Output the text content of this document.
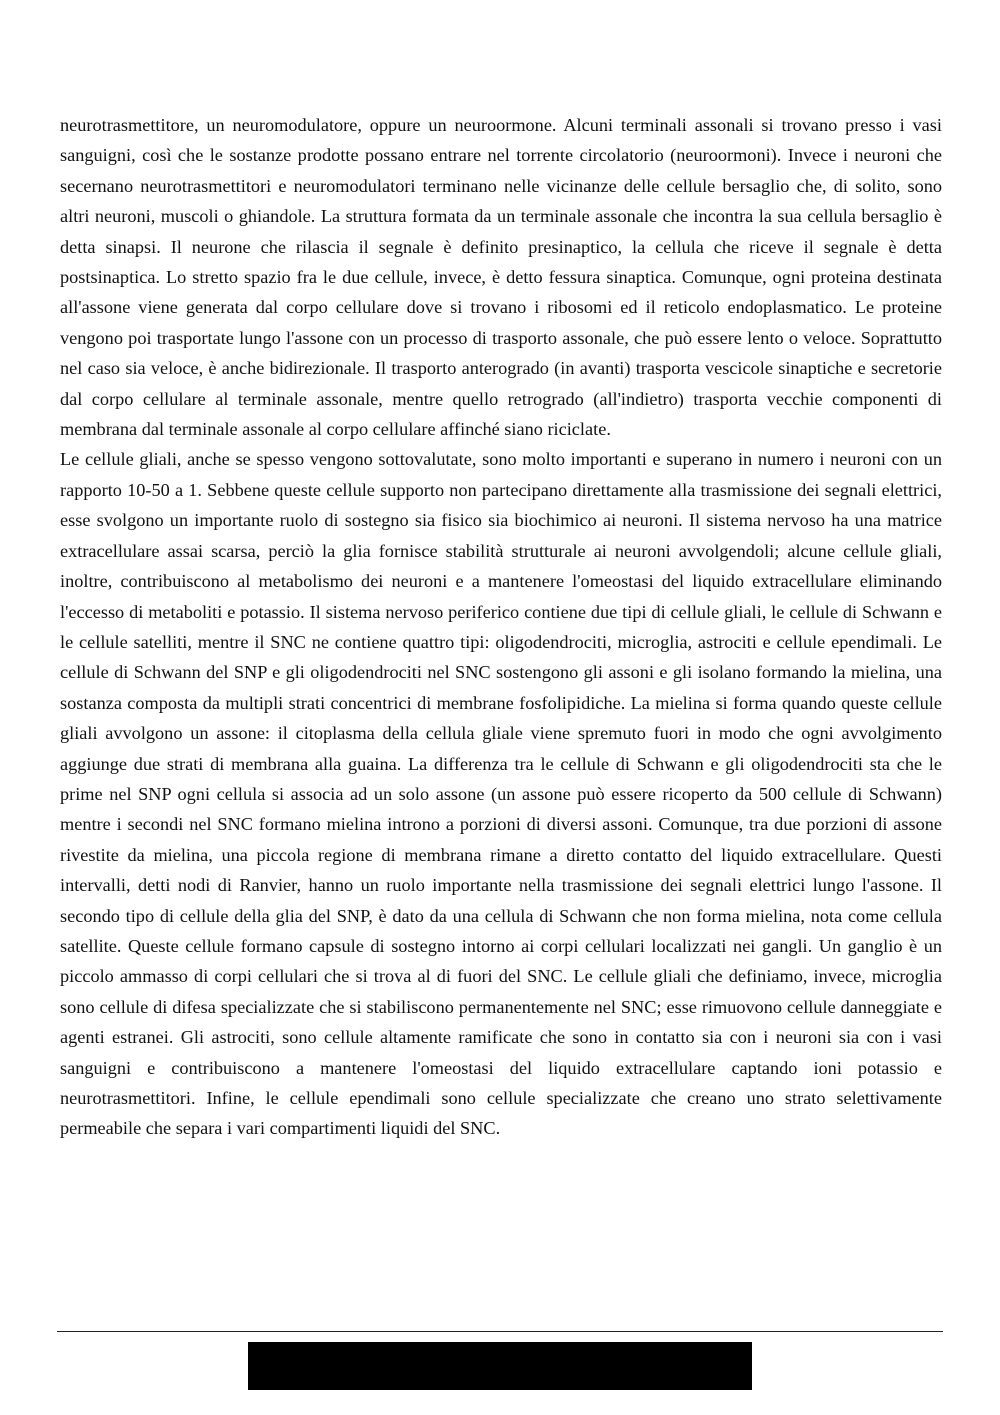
neurotrasmettitore, un neuromodulatore, oppure un neuroormone. Alcuni terminali assonali si trovano presso i vasi sanguigni, così che le sostanze prodotte possano entrare nel torrente circolatorio (neuroormoni). Invece i neuroni che secernano neurotrasmettitori e neuromodulatori terminano nelle vicinanze delle cellule bersaglio che, di solito, sono altri neuroni, muscoli o ghiandole. La struttura formata da un terminale assonale che incontra la sua cellula bersaglio è detta sinapsi. Il neurone che rilascia il segnale è definito presinaptico, la cellula che riceve il segnale è detta postsinaptica. Lo stretto spazio fra le due cellule, invece, è detto fessura sinaptica. Comunque, ogni proteina destinata all'assone viene generata dal corpo cellulare dove si trovano i ribosomi ed il reticolo endoplasmatico. Le proteine vengono poi trasportate lungo l'assone con un processo di trasporto assonale, che può essere lento o veloce. Soprattutto nel caso sia veloce, è anche bidirezionale. Il trasporto anterogrado (in avanti) trasporta vescicole sinaptiche e secretorie dal corpo cellulare al terminale assonale, mentre quello retrogrado (all'indietro) trasporta vecchie componenti di membrana dal terminale assonale al corpo cellulare affinché siano riciclate.

Le cellule gliali, anche se spesso vengono sottovalutate, sono molto importanti e superano in numero i neuroni con un rapporto 10-50 a 1. Sebbene queste cellule supporto non partecipano direttamente alla trasmissione dei segnali elettrici, esse svolgono un importante ruolo di sostegno sia fisico sia biochimico ai neuroni. Il sistema nervoso ha una matrice extracellulare assai scarsa, perciò la glia fornisce stabilità strutturale ai neuroni avvolgendoli; alcune cellule gliali, inoltre, contribuiscono al metabolismo dei neuroni e a mantenere l'omeostasi del liquido extracellulare eliminando l'eccesso di metaboliti e potassio. Il sistema nervoso periferico contiene due tipi di cellule gliali, le cellule di Schwann e le cellule satelliti, mentre il SNC ne contiene quattro tipi: oligodendrociti, microglia, astrociti e cellule ependimali. Le cellule di Schwann del SNP e gli oligodendrociti nel SNC sostengono gli assoni e gli isolano formando la mielina, una sostanza composta da multipli strati concentrici di membrane fosfolipidiche. La mielina si forma quando queste cellule gliali avvolgono un assone: il citoplasma della cellula gliale viene spremuto fuori in modo che ogni avvolgimento aggiunge due strati di membrana alla guaina. La differenza tra le cellule di Schwann e gli oligodendrociti sta che le prime nel SNP ogni cellula si associa ad un solo assone (un assone può essere ricoperto da 500 cellule di Schwann) mentre i secondi nel SNC formano mielina introno a porzioni di diversi assoni. Comunque, tra due porzioni di assone rivestite da mielina, una piccola regione di membrana rimane a diretto contatto del liquido extracellulare. Questi intervalli, detti nodi di Ranvier, hanno un ruolo importante nella trasmissione dei segnali elettrici lungo l'assone. Il secondo tipo di cellule della glia del SNP, è dato da una cellula di Schwann che non forma mielina, nota come cellula satellite. Queste cellule formano capsule di sostegno intorno ai corpi cellulari localizzati nei gangli. Un ganglio è un piccolo ammasso di corpi cellulari che si trova al di fuori del SNC. Le cellule gliali che definiamo, invece, microglia sono cellule di difesa specializzate che si stabiliscono permanentemente nel SNC; esse rimuovono cellule danneggiate e agenti estranei. Gli astrociti, sono cellule altamente ramificate che sono in contatto sia con i neuroni sia con i vasi sanguigni e contribuiscono a mantenere l'omeostasi del liquido extracellulare captando ioni potassio e neurotrasmettitori. Infine, le cellule ependimali sono cellule specializzate che creano uno strato selettivamente permeabile che separa i vari compartimenti liquidi del SNC.
